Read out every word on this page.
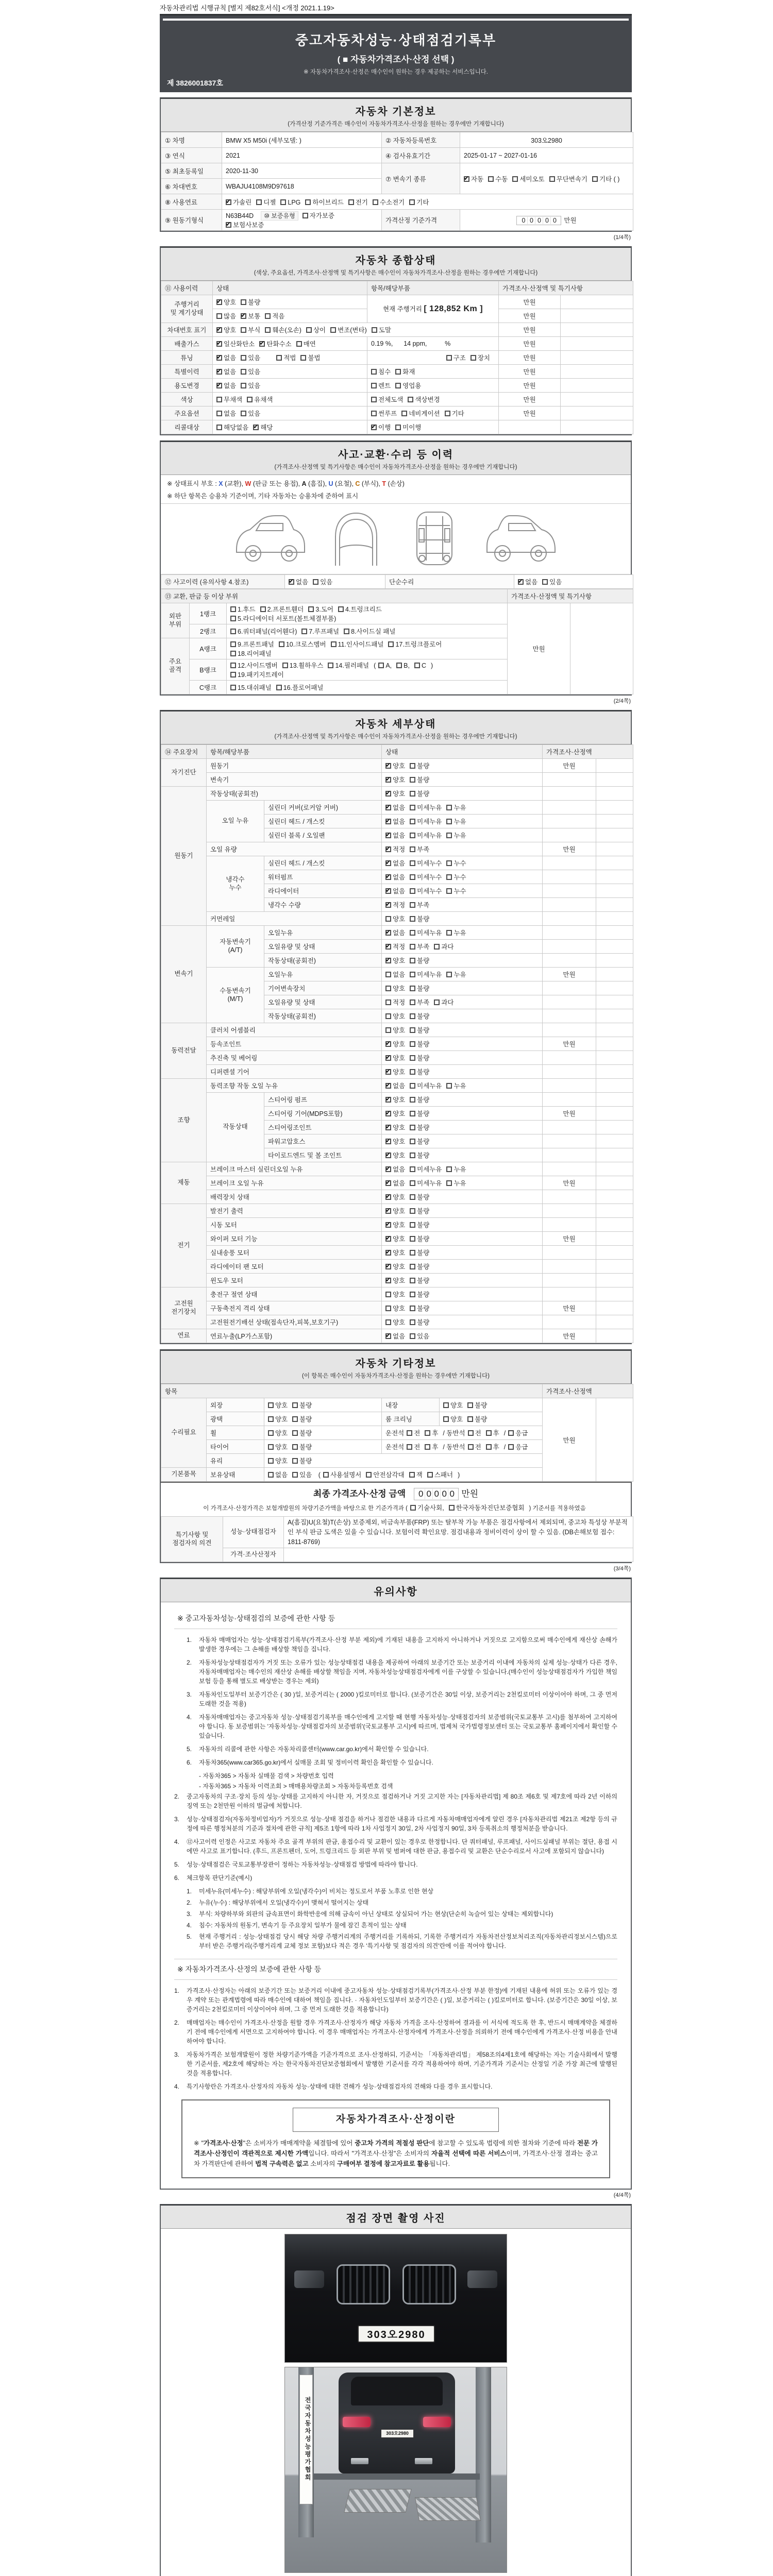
자동차관리법 시행규칙 [별지 제82호서식] <개정 2021.1.19>
중고자동차성능·상태점검기록부
( ■ 자동차가격조사·산정 선택 )
※ 자동차가격조사·산정은 매수인이 원하는 경우 제공하는 서비스입니다.
제 3826001837호
자동차 기본정보
(가격산정 기준가격은 매수인이 자동차가격조사·산정을 원하는 경우에만 기재합니다)
① 차명	BMW X5 M50i (세부모델: )	② 자동차등록번호	303오2980
③ 연식	2021	④ 검사유효기간	2025-01-17 ~ 2027-01-16
⑤ 최초등록일	2020-11-30	⑦ 변속기 종류	✔자동 수동 세미오토 무단변속기 기타 ( )
⑥ 차대번호	WBAJU4108M9D97618		
⑧ 사용연료	✔가솔린 디젤 LPG 하이브리드 전기 수소전기 기타
⑨ 원동기형식	N63B44D ⑩ 보증유형 자가보증✔보험사보증	가격산정 기준가격	0 0 0 0 0 만원
(1/4쪽)
자동차 종합상태
(색상, 주요옵션, 가격조사·산정액 및 특기사항은 매수인이 자동차가격조사·산정을 원하는 경우에만 기재합니다)
⑪ 사용이력	상태	항목/해당부품	가격조사·산정액 및 특기사항	
주행거리
및 계기상태	✔양호 불량	현재 주행거리 [ 128,852 Km ]	만원	
	많음 ✔ 보통 적음		만원	
차대번호 표기	✔양호 부식 훼손(오손) 상이 변조(변타) 도말		만원	
배출가스	✔일산화탄소 ✔ 탄화수소 매연	0.19 %,      14 ppm,          %	만원	
튜닝	✔없음 있음 적법 불법	구조 장치	만원	
특별이력	✔없음 있음	침수 화재	만원	
용도변경	✔없음 있음	렌트 영업용	만원	
색상	무채색 유채색	전체도색 색상변경	만원	
주요옵션	없음 있음	썬루프 네비게이션 기타	만원	
리콜대상	해당없음 ✔ 해당	✔이행 미이행		
사고·교환·수리 등 이력
(가격조사·산정액 및 특기사항은 매수인이 자동차가격조사·산정을 원하는 경우에만 기재합니다)
※ 상태표시 부호 : X (교환), W (판금 또는 용접), A (흠집), U (요철), C (부식), T (손상)
※ 하단 항목은 승용차 기준이며, 기타 자동차는 승용차에 준하여 표시
⑫ 사고이력 (유의사항 4.참조)	✔없음 있음	단순수리	✔없음 있음
⑬ 교환, 판금 등 이상 부위			가격조사·산정액 및 특기사항	
외판
부위	1랭크	1.후드 2.프론트휀더 3.도어 4.트렁크리드
5.라디에이터 서포트(볼트체결부품)	만원	
	2랭크	6.쿼터패널(리어휀다) 7.루프패널 8.사이드실 패널		
주요
골격	A랭크	9.프론트패널 10.크로스멤버 11.인사이드패널 17.트렁크플로어
18.리어패널		
	B랭크	12.사이드멤버 13.휠하우스 14.필러패널 ( A, B, C )
19.패키지트레이		
	C랭크	15.대쉬패널 16.플로어패널		
(2/4쪽)
자동차 세부상태
(가격조사·산정액 및 특기사항은 매수인이 자동차가격조사·산정을 원하는 경우에만 기재합니다)
⑭ 주요장치	항목/해당부품		상태	가격조사·산정액	
자기진단	원동기	✔양호 불량	만원	
	변속기	✔양호 불량		
원동기	작동상태(공회전)	✔양호 불량		
	오일 누유	실린더 커버(로커암 커버)	✔없음 미세누유 누유		
		실린더 헤드 / 개스킷	✔없음 미세누유 누유		
		실린더 블록 / 오일팬	✔없음 미세누유 누유		
	오일 유량	✔적정 부족	만원	
	냉각수
누수	실린더 헤드 / 개스킷	✔없음 미세누수 누수		
		워터펌프	✔없음 미세누수 누수		
		라디에이터	✔없음 미세누수 누수		
		냉각수 수량	✔적정 부족		
	커먼레일		양호 불량		
변속기	자동변속기
(A/T)	오일누유	✔없음 미세누유 누유		
		오일유량 및 상태	✔적정 부족 과다		
		작동상태(공회전)	✔양호 불량		
	수동변속기
(M/T)	오일누유	없음 미세누유 누유	만원	
		기어변속장치	양호 불량		
		오일유량 및 상태	적정 부족 과다		
		작동상태(공회전)	양호 불량		
동력전달	클러치 어셈블리		양호 불량		
	등속조인트	✔양호 불량	만원	
	추진축 및 베어링	✔양호 불량		
	디퍼렌셜 기어	✔양호 불량		
조향	동력조향 작동 오일 누유	✔없음 미세누유 누유		
	작동상태	스티어링 펌프	✔양호 불량		
		스티어링 기어(MDPS포함)	✔양호 불량	만원	
		스티어링조인트	✔양호 불량		
		파워고압호스	✔양호 불량		
		타이로드엔드 및 볼 조인트	✔양호 불량		
제동	브레이크 마스터 실린더오일 누유	✔없음 미세누유 누유		
	브레이크 오일 누유	✔없음 미세누유 누유	만원	
	배력장치 상태	✔양호 불량		
전기	발전기 출력	✔양호 불량		
	시동 모터	✔양호 불량		
	와이퍼 모터 기능	✔양호 불량	만원	
	실내송풍 모터	✔양호 불량		
	라디에이터 팬 모터	✔양호 불량		
	윈도우 모터	✔양호 불량		
고전원
전기장치	충전구 절연 상태		양호 불량		
	구동축전지 격리 상태		양호 불량	만원	
	고전원전기배선 상태(접속단자,피복,보호기구)		양호 불량		
연료	연료누출(LP가스포함)	✔없음 있음	만원	
자동차 기타정보
(이 항목은 매수인이 자동차가격조사·산정을 원하는 경우에만 기재합니다)
항목					가격조사·산정액	
수리필요	외장	양호 불량	내장	양호 불량	만원	
	광택	양호 불량	룸 크리닝	양호 불량		
	휠	양호 불량	운전석 전 후 / 동반석 전 후 / 응급			
	타이어	양호 불량	운전석 전 후 / 동반석 전 후 / 응급			
	유리	양호 불량				
기본품목	보유상태	없음 있음 ( 사용설명서 안전삼각대 잭 스패너 )				
최종 가격조사·산정 금액 0 0 0 0 0 만원
이 가격조사·산정가격은 보험개발원의 차량기준가액을 바탕으로 한 기준가격과 ( 기술사회, 한국자동차진단보증협회 ) 기준서를 적용하였음
특기사항 및
점검자의 의견	성능·상태점검자	A(흠집)U(요철)T(손상) 보증제외, 비금속부품(FRP) 또는 탈부착 가능 부품은 점검사항에서 제외되며, 중고차 특성상 부분적인 부식 판금 도색은 있을 수 있습니다. 보험이력 확인요망. 점검내용과 정비이력이 상이 할 수 있음. (DB손해보험 접수: 1811-8769)
	가격·조사산정자	
(3/4쪽)
유의사항
※ 중고자동차성능·상태점검의 보증에 관한 사항 등
1.	자동차 매매업자는 성능·상태점검기록부(가격조사·산정 부분 제외)에 기재된 내용을 고지하지 아니하거나 거짓으로 고지함으로써 매수인에게 재산상 손해가 발생한 경우에는 그 손해를 배상할 책임을 집니다.
2.	자동차성능상태점검자가 거짓 또는 오류가 있는 성능상태점검 내용을 제공하여 아래의 보증기간 또는 보증거리 이내에 자동차의 실제 성능·상태가 다른 경우, 자동차매매업자는 매수인의 재산상 손해를 배상할 책임을 지며, 자동차성능상태점검자에게 이를 구상할 수 있습니다.(매수인이 성능상태점검자가 가입한 책임보험 등을 통해 별도로 배상받는 경우는 제외)
3.	자동차인도일부터 보증기간은 ( 30 )일, 보증거리는 ( 2000 )킬로미터로 합니다. (보증기간은 30일 이상, 보증거리는 2천킬로미터 이상이어야 하며, 그 중 먼저 도래한 것을 적용)
4.	자동차매매업자는 중고자동차 성능·상태점검기록부를 매수인에게 고지할 때 현행 자동차성능·상태점검자의 보증범위(국토교통부 고시)를 첨부하여 고지하여야 합니다. 동 보증범위는 '자동차성능·상태점검자의 보증범위'(국토교통부 고시)에 따르며, 법제처 국가법령정보센터 또는 국토교통부 홈페이지에서 확인할 수 있습니다.
5.	자동차의 리콜에 관한 사항은 자동차리콜센터(www.car.go.kr)에서 확인할 수 있습니다.
6.	자동차365(www.car365.go.kr)에서 실매물 조회 및 정비이력 확인을 확인할 수 있습니다.
- 자동차365 > 자동차 실매물 검색 > 차량번호 입력
- 자동차365 > 자동차 이력조회 > 매매용차량조회 > 자동차등록번호 검색
2.	중고자동차의 구조·장치 등의 성능·상태를 고지하지 아니한 자, 거짓으로 점검하거나 거짓 고지한 자는 [자동차관리법] 제 80조 제6호 및 제7호에 따라 2년 이하의 징역 또는 2천만원 이하의 벌금에 처합니다.
3.	성능·상태점검자(자동차정비업자)가 거짓으로 성능·상태 점검을 하거나 점검한 내용과 다르게 자동차매매업자에게 알린 경우 [자동차관리법 제21조 제2항 등의 규정에 따른 행정처분의 기준과 절차에 관한 규칙] 제5조 1항에 따라 1차 사업정지 30일, 2차 사업정지 90일, 3차 등록취소의 행정처분을 받습니다.
4.	⑫사고이력 인정은 사고로 자동차 주요 골격 부위의 판금, 용접수리 및 교환이 있는 경우로 한정합니다. 단 쿼터패널, 루프패널, 사이드실패널 부위는 절단, 용접 시에만 사고로 표기합니다. (후드, 프론트펜더, 도어, 트렁크리드 등 외판 부위 및 범퍼에 대한 판금, 용접수리 및 교환은 단순수리로서 사고에 포함되지 않습니다)
5.	성능·상태점검은 국토교통부장관이 정하는 자동차성능·상태점검 방법에 따라야 합니다.
6.	체크항목 판단기준(예시)
1.	미세누유(미세누수) : 해당부위에 오일(냉각수)이 비치는 정도로서 부품 노후로 인한 현상
2.	누유(누수) : 해당부위에서 오일(냉각수)이 맺혀서 떨어지는 상태
3.	부식: 차량하부와 외판의 금속표면이 화학반응에 의해 금속이 아닌 상태로 상실되어 가는 현상(단순히 녹슬어 있는 상태는 제외합니다)
4.	침수: 자동차의 원동기, 변속기 등 주요장치 일부가 물에 잠긴 흔적이 있는 상태
5.	현재 주행거리 : 성능·상태점검 당시 해당 차량 주행거리계의 주행거리를 기록하되, 기록한 주행거리가 자동차전산정보처리조직(자동차관리정보시스템)으로부터 받은 주행거리(주행거리계 교체 정보 포함)보다 적은 경우 '특기사항 및 점검자의 의견'란에 이를 적어야 합니다.
※ 자동차가격조사·산정의 보증에 관한 사항 등
1.	가격조사·산정자는 아래의 보증기간 또는 보증거리 이내에 중고자동차 성능·상태점검기록부(가격조사·산정 부분 한정)에 기재된 내용에 허위 또는 오류가 있는 경우 계약 또는 관계법령에 따라 매수인에 대하여 책임을 집니다. · 자동차인도일부터 보증기간은 ( )일, 보증거리는 ( )킬로미터로 합니다. (보증기간은 30일 이상, 보증거리는 2천킬로미터 이상이어야 하며, 그 중 먼저 도래한 것을 적용합니다)
2.	매매업자는 매수인이 가격조사·산정을 원할 경우 가격조사·산정자가 해당 자동차 가격을 조사·산정하여 결과를 이 서식에 적도록 한 후, 반드시 매매계약을 체결하기 전에 매수인에게 서면으로 고지하여야 합니다. 이 경우 매매업자는 가격조사·산정자에게 가격조사·산정을 의뢰하기 전에 매수인에게 가격조사·산정 비용을 안내하여야 합니다.
3.	자동차가격은 보험개발원이 정한 차량기준가액을 기준가격으로 조사·산정하되, 기준서는 「자동차관리법」 제58조의4제1호에 해당하는 자는 기술사회에서 발행한 기준서를, 제2호에 해당하는 자는 한국자동차진단보증협회에서 발행한 기준서를 각각 적용하여야 하며, 기준가격과 기준서는 산정일 기준 가장 최근에 발행된 것을 적용합니다.
4.	특기사항란은 가격조사·산정자의 자동차 성능·상태에 대한 견해가 성능·상태점검자의 견해와 다를 경우 표시합니다.
자동차가격조사·산정이란
※ "가격조사·산정"은 소비자가 매매계약을 체결함에 있어 중고차 가격의 적절성 판단에 참고할 수 있도록 법령에 의한 절차와 기준에 따라 전문 가격조사·산정인이 객관적으로 제시한 가액입니다. 따라서 "가격조사·산정"은 소비자의 자율적 선택에 따른 서비스이며, 가격조사·산정 결과는 중고차 가격판단에 관하여 법적 구속력은 없고 소비자의 구매여부 결정에 참고자료로 활용됩니다.
(4/4쪽)
점검 장면 촬영 사진
303오2980
303오2980
전국자동차성능평가협회
